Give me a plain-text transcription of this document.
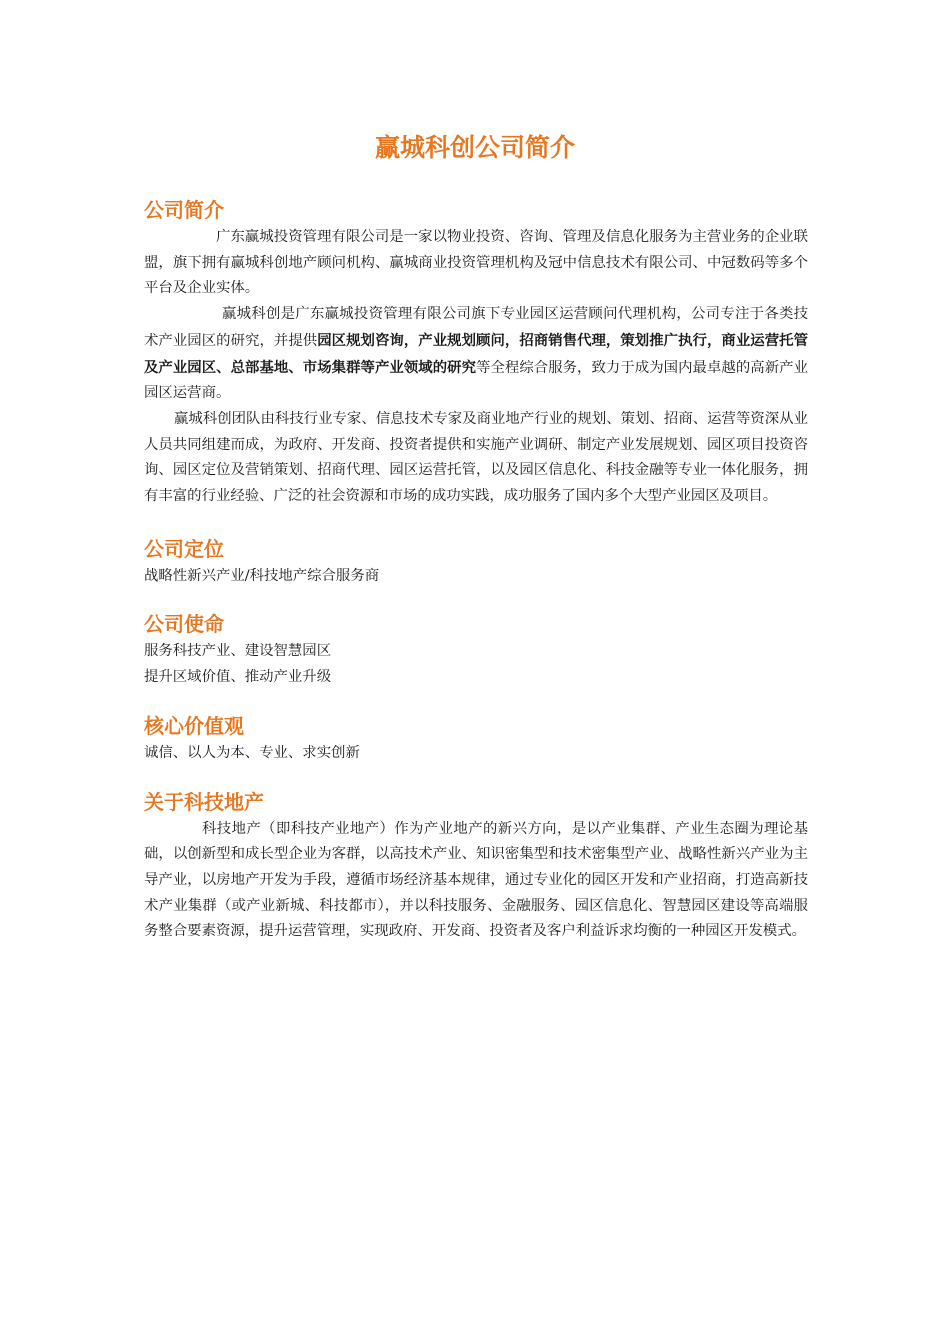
赢城科创公司简介
公司简介

广东赢城投资管理有限公司是一家以物业投资、咨询、管理及信息化服务为主营业务的企业联盟，旗下拥有赢城科创地产顾问机构、赢城商业投资管理机构及冠中信息技术有限公司、中冠数码等多个平台及企业实体。

赢城科创是广东赢城投资管理有限公司旗下专业园区运营顾问代理机构，公司专注于各类技术产业园区的研究，并提供园区规划咨询，产业规划顾问，招商销售代理，策划推广执行，商业运营托管及产业园区、总部基地、市场集群等产业领域的研究等全程综合服务，致力于成为国内最卓越的高新产业园区运营商。

赢城科创团队由科技行业专家、信息技术专家及商业地产行业的规划、策划、招商、运营等资深从业人员共同组建而成，为政府、开发商、投资者提供和实施产业调研、制定产业发展规划、园区项目投资咨询、园区定位及营销策划、招商代理、园区运营托管，以及园区信息化、科技金融等专业一体化服务，拥有丰富的行业经验、广泛的社会资源和市场的成功实践，成功服务了国内多个大型产业园区及项目。

公司定位

战略性新兴产业/科技地产综合服务商

公司使命

服务科技产业、建设智慧园区

提升区域价值、推动产业升级

核心价值观

诚信、以人为本、专业、求实创新

关于科技地产

科技地产（即科技产业地产）作为产业地产的新兴方向，是以产业集群、产业生态圈为理论基础，以创新型和成长型企业为客群，以高技术产业、知识密集型和技术密集型产业、战略性新兴产业为主导产业，以房地产开发为手段，遵循市场经济基本规律，通过专业化的园区开发和产业招商，打造高新技术产业集群（或产业新城、科技都市），并以科技服务、金融服务、园区信息化、智慧园区建设等高端服务整合要素资源，提升运营管理，实现政府、开发商、投资者及客户利益诉求均衡的一种园区开发模式。
